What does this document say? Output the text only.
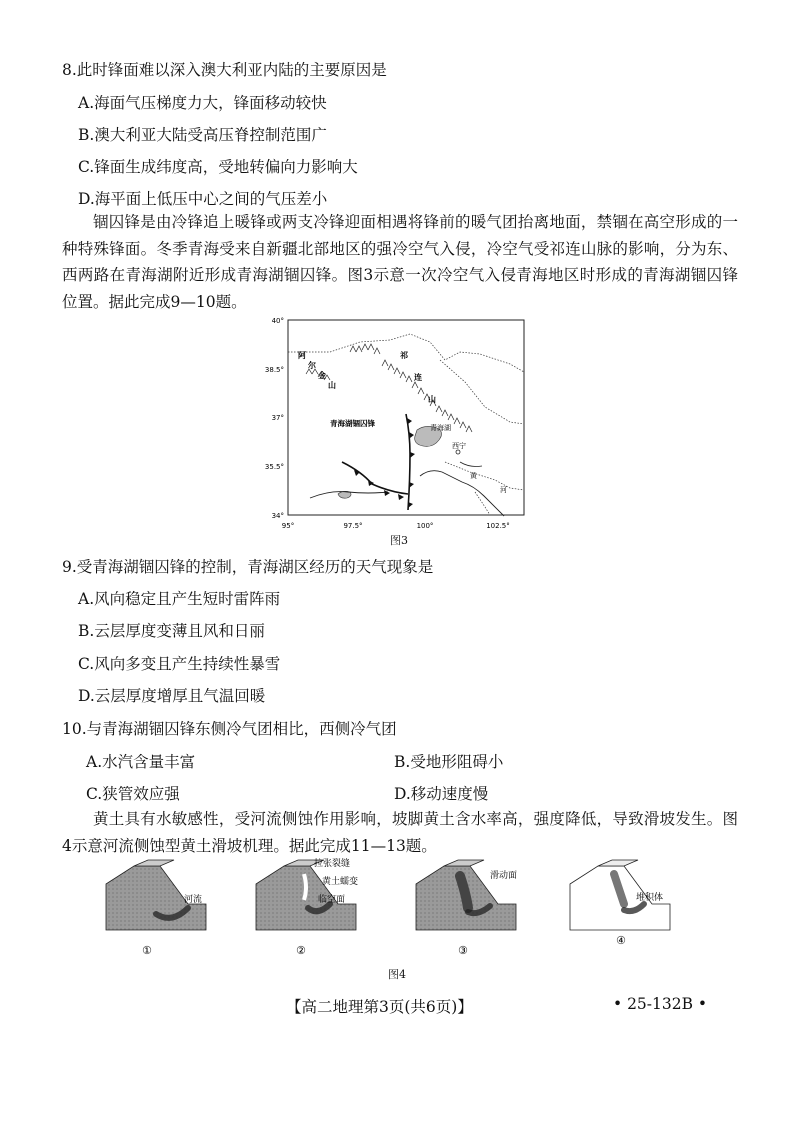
8.此时锋面难以深入澳大利亚内陆的主要原因是
A.海面气压梯度力大，锋面移动较快
B.澳大利亚大陆受高压脊控制范围广
C.锋面生成纬度高，受地转偏向力影响大
D.海平面上低压中心之间的气压差小
锢囚锋是由冷锋追上暖锋或两支冷锋迎面相遇将锋前的暖气团抬离地面，禁锢在高空形成的一种特殊锋面。冬季青海受来自新疆北部地区的强冷空气入侵，冷空气受祁连山脉的影响，分为东、西两路在青海湖附近形成青海湖锢囚锋。图3示意一次冷空气入侵青海地区时形成的青海湖锢囚锋位置。据此完成9—10题。
40°
38.5°
37°
35.5°
34°
95°	97.5°	100°	102.5°
阿
尔
金
山
祁
连
山
青海湖
西宁
黄
河
青海湖锢囚锋
图3
9.受青海湖锢囚锋的控制，青海湖区经历的天气现象是
A.风向稳定且产生短时雷阵雨
B.云层厚度变薄且风和日丽
C.风向多变且产生持续性暴雪
D.云层厚度增厚且气温回暖
10.与青海湖锢囚锋东侧冷气团相比，西侧冷气团
A.水汽含量丰富	B.受地形阻碍小
C.狭管效应强	D.移动速度慢
黄土具有水敏感性，受河流侧蚀作用影响，坡脚黄土含水率高，强度降低，导致滑坡发生。图4示意河流侧蚀型黄土滑坡机理。据此完成11—13题。
河流
①
拉张裂缝
黄土蠕变
临空面
②
滑动面
③
堆积体
④
图4
【高二地理第3页(共6页)】	• 25-132B •
